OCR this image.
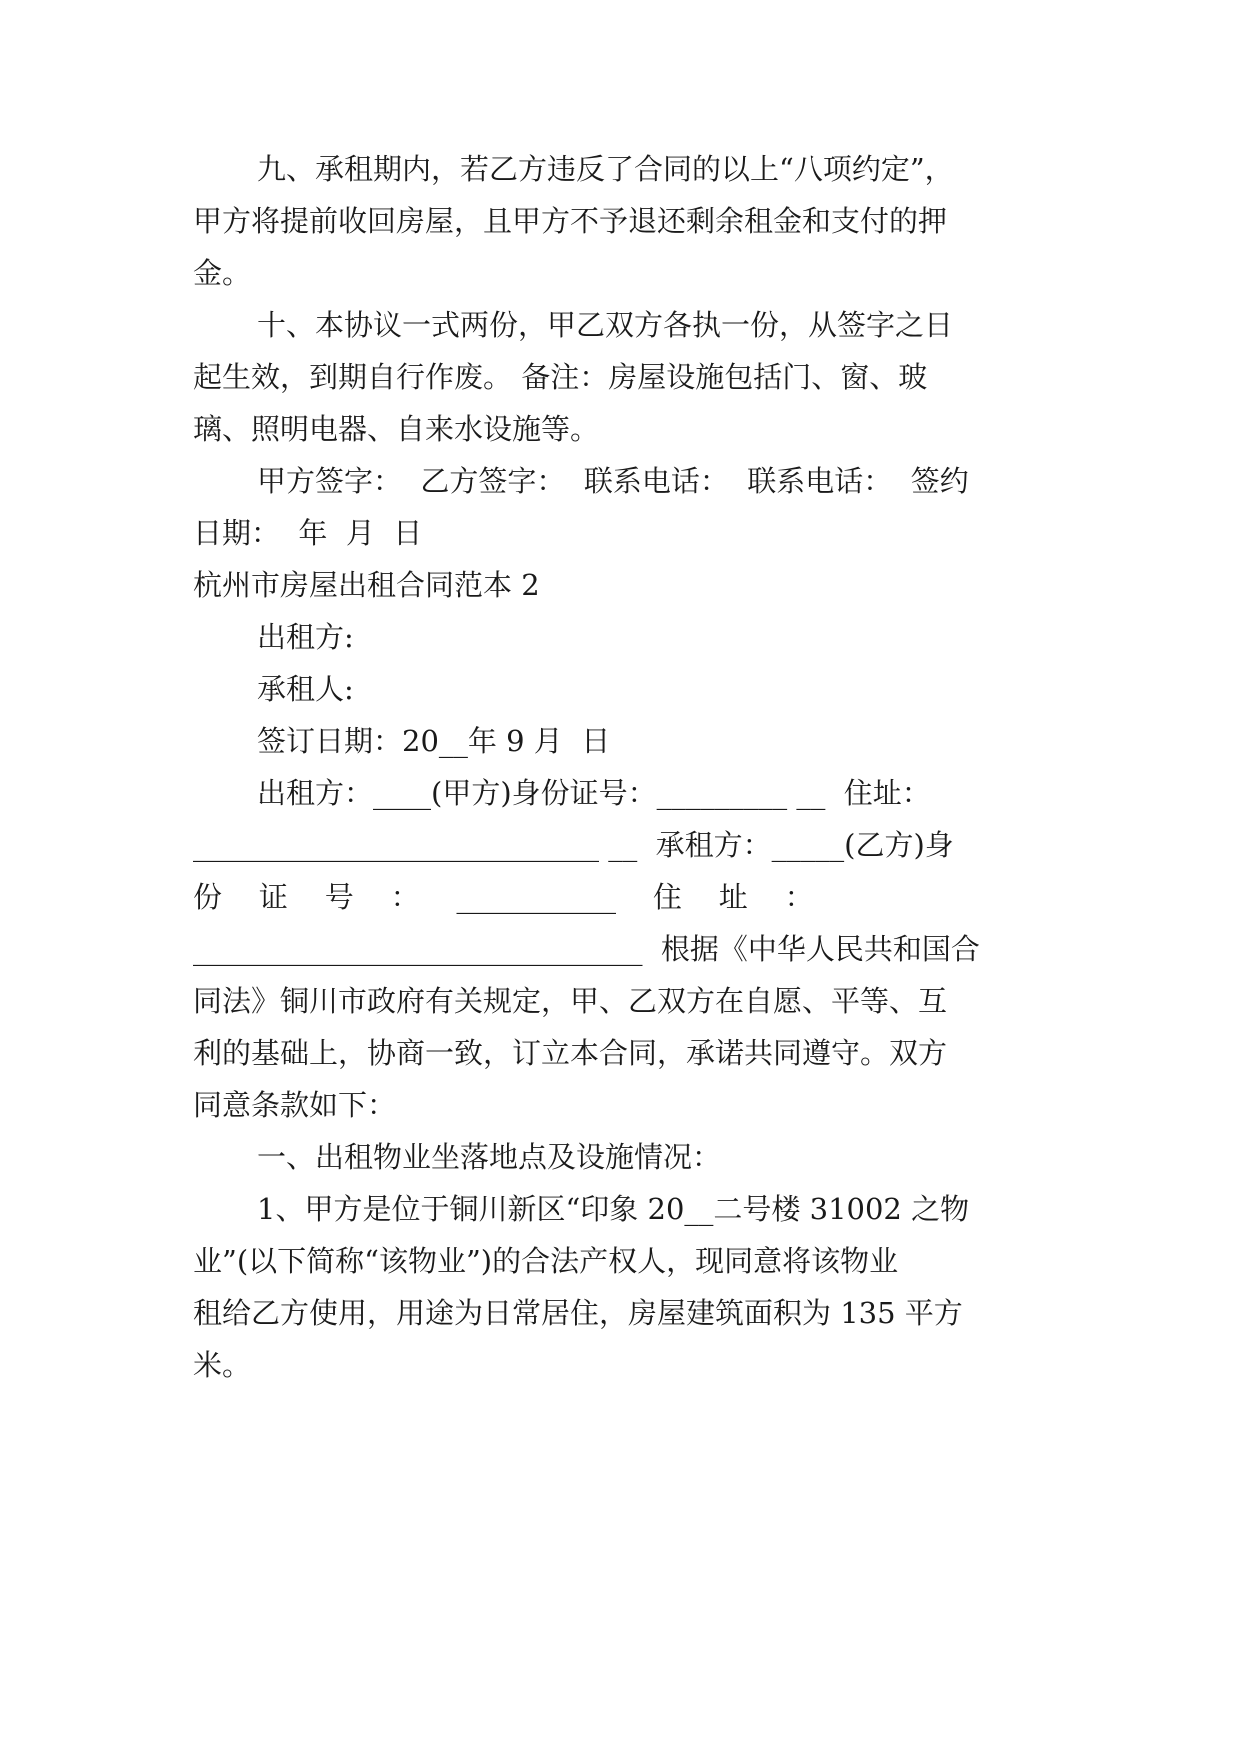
九、承租期内，若乙方违反了合同的以上“八项约定”，
甲方将提前收回房屋，且甲方不予退还剩余租金和支付的押
金。
十、本协议一式两份，甲乙双方各执一份，从签字之日
起生效，到期自行作废。 备注：房屋设施包括门、窗、玻
璃、照明电器、自来水设施等。
甲方签字：  乙方签字：  联系电话：  联系电话：  签约
日期：  年  月  日
杭州市房屋出租合同范本 2
出租方:
承租人:
签订日期：20__年 9 月  日
出租方：____(甲方)身份证号：_________ __  住址：
____________________________ __  承租方：_____(乙方)身
份    证    号    ：    ___________    住    址    ：
_______________________________  根据《中华人民共和国合
同法》铜川市政府有关规定，甲、乙双方在自愿、平等、互
利的基础上，协商一致，订立本合同，承诺共同遵守。双方
同意条款如下：
一、出租物业坐落地点及设施情况：
1、甲方是位于铜川新区“印象 20__二号楼 31002 之物
业”(以下简称“该物业”)的合法产权人，现同意将该物业
租给乙方使用，用途为日常居住，房屋建筑面积为 135 平方
米。
